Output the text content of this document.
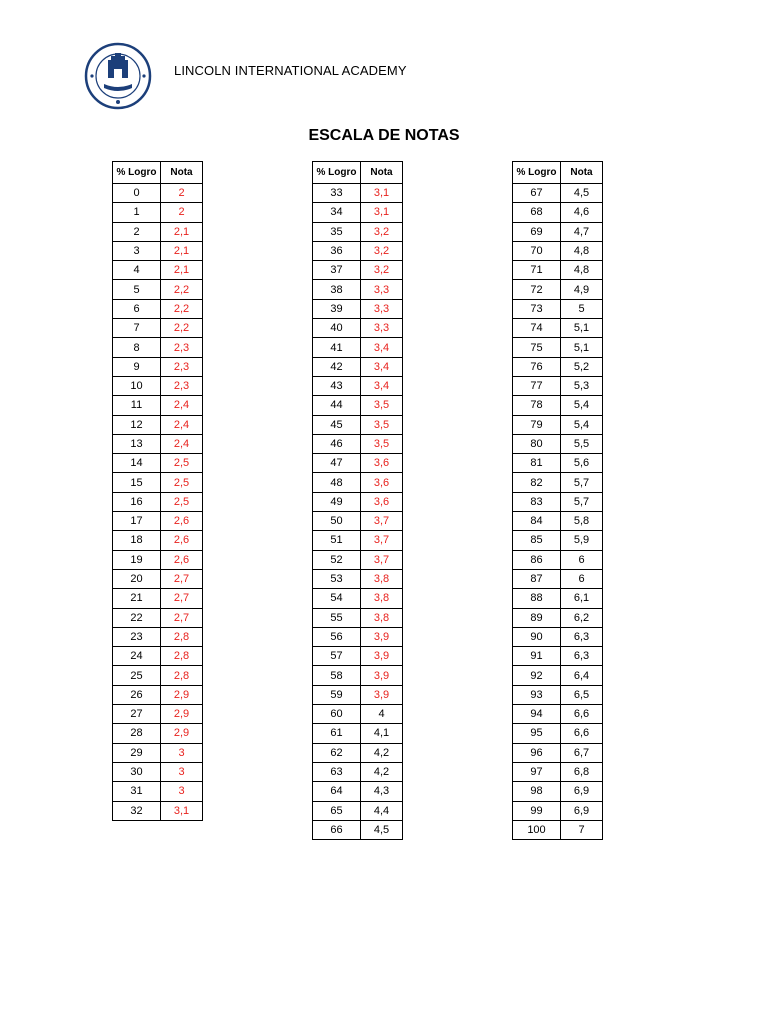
LINCOLN INTERNATIONAL ACADEMY
ESCALA DE NOTAS
% Logro	Nota
0	2
1	2
2	2,1
3	2,1
4	2,1
5	2,2
6	2,2
7	2,2
8	2,3
9	2,3
10	2,3
11	2,4
12	2,4
13	2,4
14	2,5
15	2,5
16	2,5
17	2,6
18	2,6
19	2,6
20	2,7
21	2,7
22	2,7
23	2,8
24	2,8
25	2,8
26	2,9
27	2,9
28	2,9
29	3
30	3
31	3
32	3,1
% Logro	Nota
33	3,1
34	3,1
35	3,2
36	3,2
37	3,2
38	3,3
39	3,3
40	3,3
41	3,4
42	3,4
43	3,4
44	3,5
45	3,5
46	3,5
47	3,6
48	3,6
49	3,6
50	3,7
51	3,7
52	3,7
53	3,8
54	3,8
55	3,8
56	3,9
57	3,9
58	3,9
59	3,9
60	4
61	4,1
62	4,2
63	4,2
64	4,3
65	4,4
66	4,5
% Logro	Nota
67	4,5
68	4,6
69	4,7
70	4,8
71	4,8
72	4,9
73	5
74	5,1
75	5,1
76	5,2
77	5,3
78	5,4
79	5,4
80	5,5
81	5,6
82	5,7
83	5,7
84	5,8
85	5,9
86	6
87	6
88	6,1
89	6,2
90	6,3
91	6,3
92	6,4
93	6,5
94	6,6
95	6,6
96	6,7
97	6,8
98	6,9
99	6,9
100	7
